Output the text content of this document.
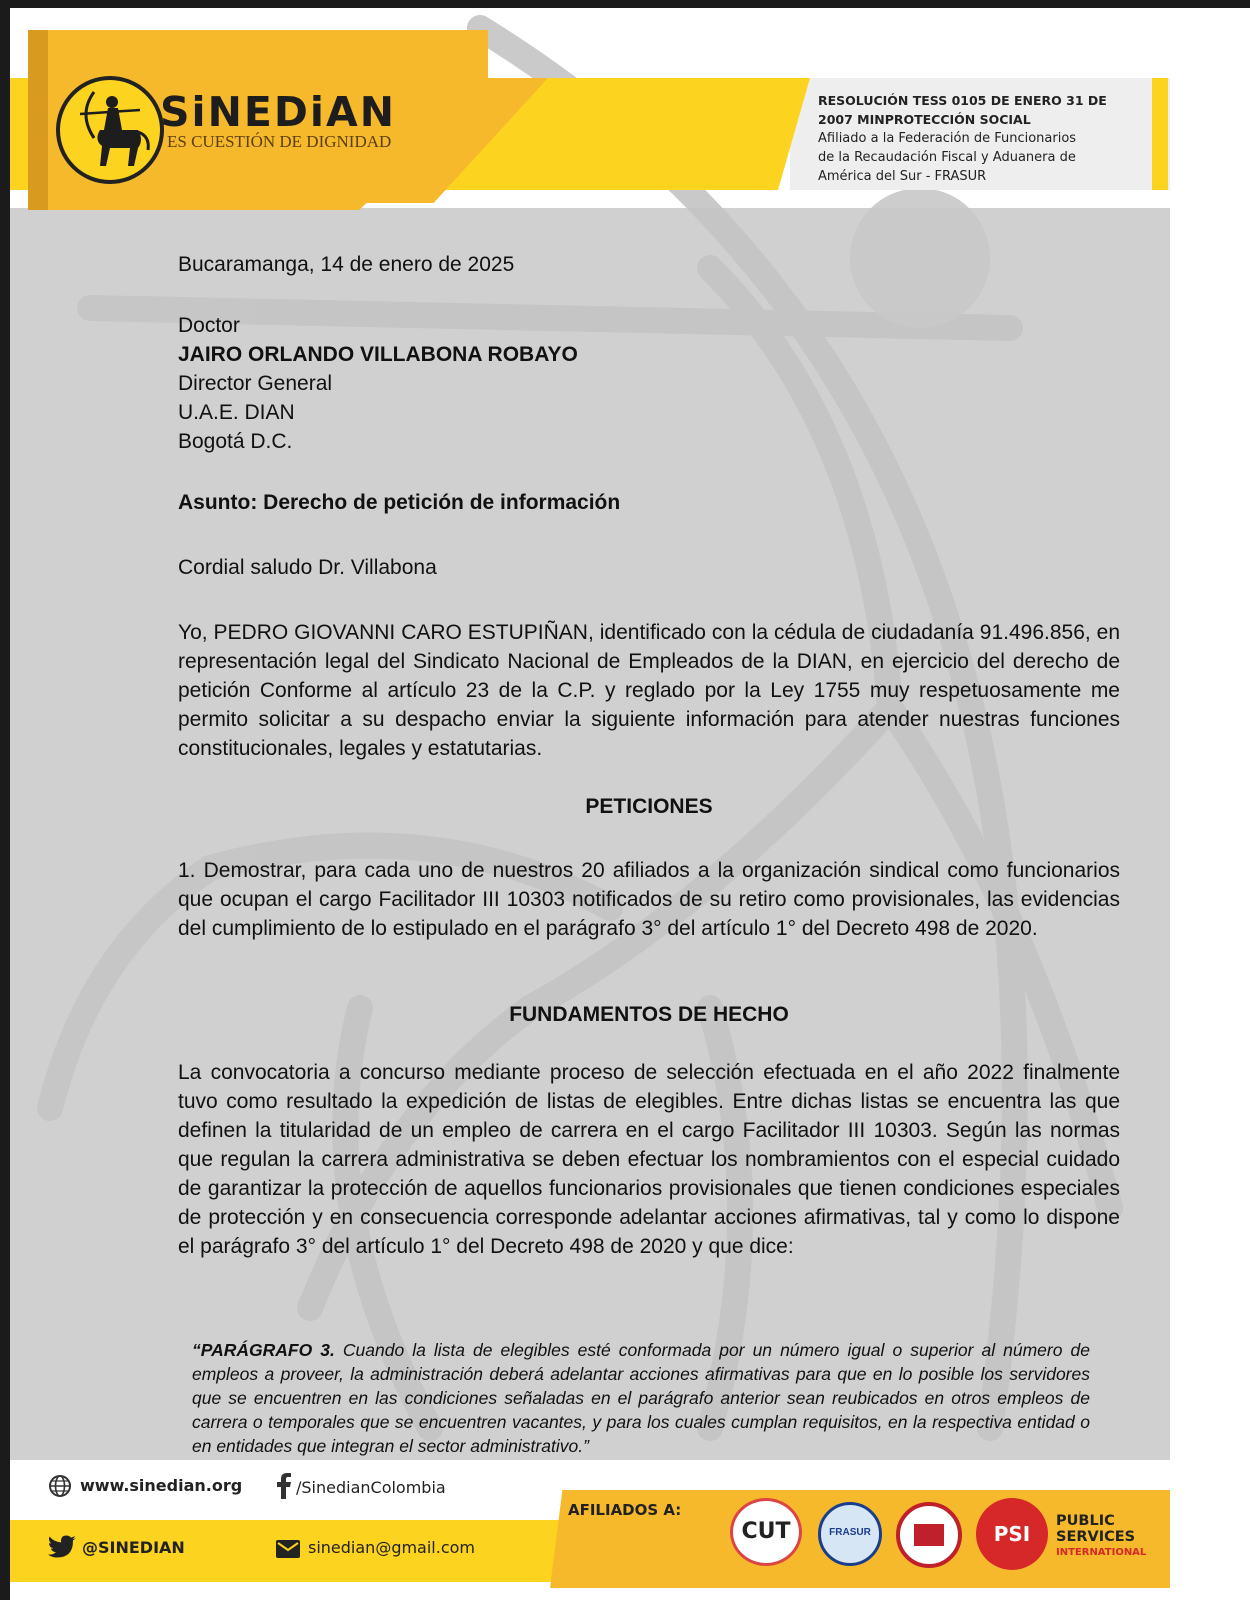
SiNEDiAN
ES CUESTIÓN DE DIGNIDAD
RESOLUCIÓN TESS 0105 DE ENERO 31 DE
2007 MINPROTECCIÓN SOCIAL
Afiliado a la Federación de Funcionarios
de la Recaudación Fiscal y Aduanera de
América del Sur - FRASUR
Bucaramanga, 14 de enero de 2025
Doctor
JAIRO ORLANDO VILLABONA ROBAYO
Director General
U.A.E. DIAN
Bogotá D.C.
Asunto: Derecho de petición de información
Cordial saludo Dr. Villabona
Yo, PEDRO GIOVANNI CARO ESTUPIÑAN, identificado con la cédula de ciudadanía 91.496.856, en representación legal del Sindicato Nacional de Empleados de la DIAN, en ejercicio del derecho de petición Conforme al artículo 23 de la C.P. y reglado por la Ley 1755 muy respetuosamente me permito solicitar a su despacho enviar la siguiente información para atender nuestras funciones constitucionales, legales y estatutarias.
PETICIONES
1. Demostrar, para cada uno de nuestros 20 afiliados a la organización sindical como funcionarios que ocupan el cargo Facilitador III 10303 notificados de su retiro como provisionales, las evidencias del cumplimiento de lo estipulado en el parágrafo 3° del artículo 1° del Decreto 498 de 2020.
FUNDAMENTOS DE HECHO
La convocatoria a concurso mediante proceso de selección efectuada en el año 2022 finalmente tuvo como resultado la expedición de listas de elegibles. Entre dichas listas se encuentra las que definen la titularidad de un empleo de carrera en el cargo Facilitador III 10303. Según las normas que regulan la carrera administrativa se deben efectuar los nombramientos con el especial cuidado de garantizar la protección de aquellos funcionarios provisionales que tienen condiciones especiales de protección y en consecuencia corresponde adelantar acciones afirmativas, tal y como lo dispone el parágrafo 3° del artículo 1° del Decreto 498 de 2020 y que dice:
“PARÁGRAFO 3. Cuando la lista de elegibles esté conformada por un número igual o superior al número de empleos a proveer, la administración deberá adelantar acciones afirmativas para que en lo posible los servidores que se encuentren en las condiciones señaladas en el parágrafo anterior sean reubicados en otros empleos de carrera o temporales que se encuentren vacantes, y para los cuales cumplan requisitos, en la respectiva entidad o en entidades que integran el sector administrativo.”
www.sinedian.org	/SinedianColombia
@SINEDIAN	sinedian@gmail.com
AFILIADOS A:
CUT	FRASUR	PSI
PUBLIC
SERVICES
INTERNATIONAL
